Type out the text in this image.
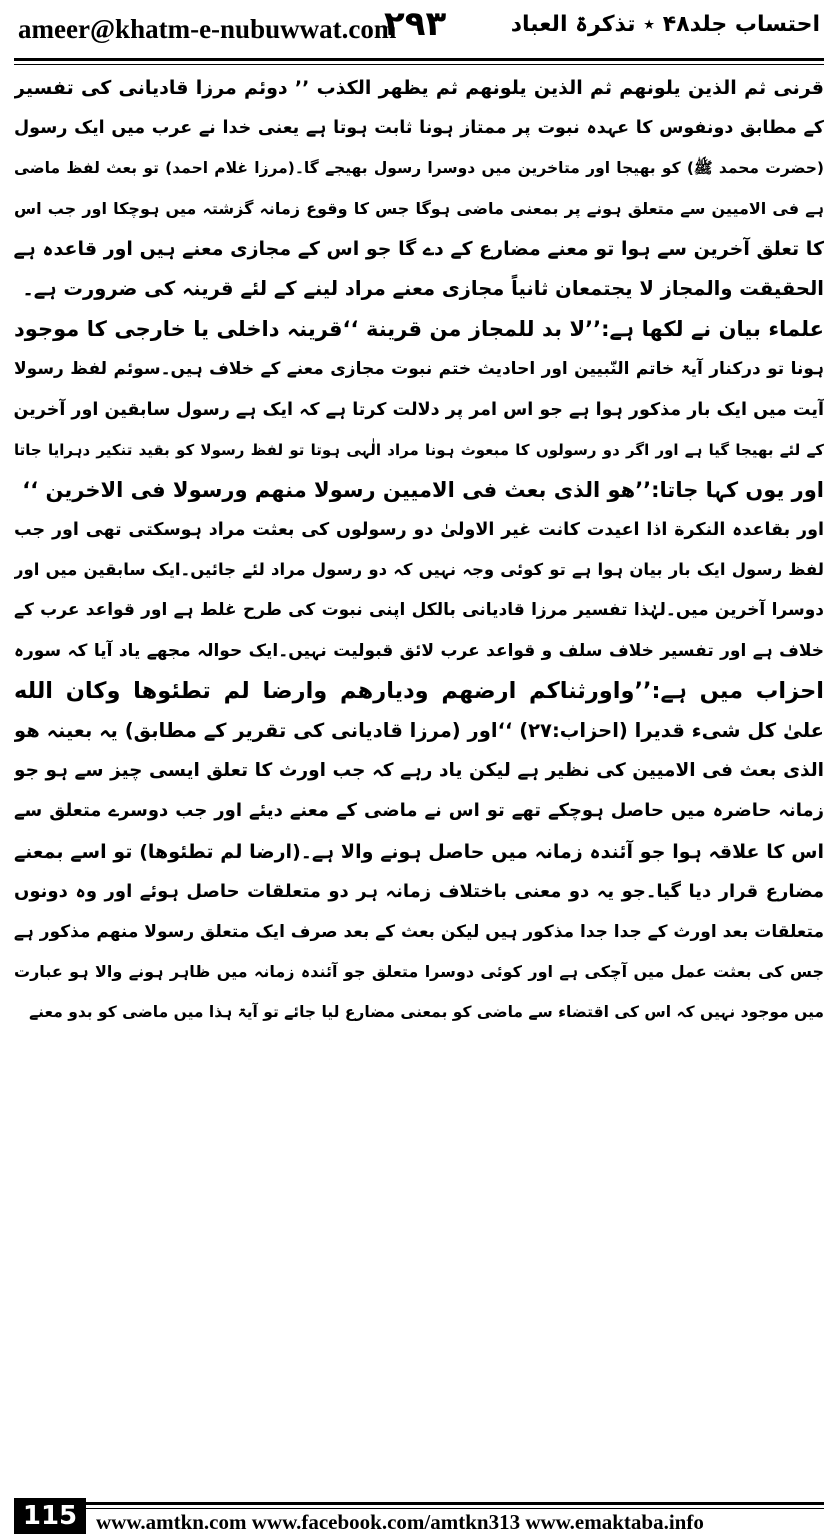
ameer@khatm-e-nubuwwat.com
۲۹۳	احتساب جلد۴۸ ٭ تذکرۃ العباد
قرنی ثم الذین یلونهم ثم الذین یلونهم ثم یظهر الکذب ’’ دوئم مرزا قادیانی کی تفسیر
کے مطابق دونفوس کا عہدہ نبوت پر ممتاز ہونا ثابت ہوتا ہے یعنی خدا نے عرب میں ایک رسول
(حضرت محمد ﷺ) کو بھیجا اور متاخرین میں دوسرا رسول بھیجے گا۔(مرزا غلام احمد) تو بعث لفظ ماضی
ہے فی الامیین سے متعلق ہونے پر بمعنی ماضی ہوگا جس کا وقوع زمانہ گزشتہ میں ہوچکا اور جب اس
کا تعلق آخرین سے ہوا تو معنے مضارع کے دے گا جو اس کے مجازی معنے ہیں اور قاعدہ ہے
الحقیقت والمجاز لا یجتمعان ثانیاً مجازی معنے مراد لینے کے لئے قرینہ کی ضرورت ہے۔
علماء بیان نے لکھا ہے:’’لا بد للمجاز من قرینة ‘‘قرینہ داخلی یا خارجی کا موجود
ہونا تو درکنار آیۃ خاتم النّبیین اور احادیث ختم نبوت مجازی معنے کے خلاف ہیں۔سوئم لفظ رسولا
آیت میں ایک بار مذکور ہوا ہے جو اس امر پر دلالت کرتا ہے کہ ایک ہے رسول سابقین اور آخرین
کے لئے بھیجا گیا ہے اور اگر دو رسولوں کا مبعوث ہونا مراد الٰہی ہوتا تو لفظ رسولا کو بقید تنکیر دہرایا جاتا
اور یوں کہا جاتا:’’ھو الذی بعث فی الامیین رسولا منھم ورسولا فی الاخرین ‘‘
اور بقاعدہ النکرة اذا اعیدت کانت غیر الاولیٰ دو رسولوں کی بعثت مراد ہوسکتی تھی اور جب
لفظ رسول ایک بار بیان ہوا ہے تو کوئی وجہ نہیں کہ دو رسول مراد لئے جائیں۔ایک سابقین میں اور
دوسرا آخرین میں۔لہٰذا تفسیر مرزا قادیانی بالکل اپنی نبوت کی طرح غلط ہے اور قواعد عرب کے
خلاف ہے اور تفسیر خلاف سلف و قواعد عرب لائق قبولیت نہیں۔ایک حوالہ مجھے یاد آیا کہ سورہ
احزاب میں ہے:’’واورثناکم ارضهم ودیارهم وارضا لم تطئوها وکان الله
علیٰ کل شیء قدیرا (احزاب:۲۷) ‘‘اور (مرزا قادیانی کی تقریر کے مطابق) یہ بعینہ ھو
الذی بعث فی الامیین کی نظیر ہے لیکن یاد رہے کہ جب اورث کا تعلق ایسی چیز سے ہو جو
زمانہ حاضرہ میں حاصل ہوچکے تھے تو اس نے ماضی کے معنے دیئے اور جب دوسرے متعلق سے
اس کا علاقہ ہوا جو آئندہ زمانہ میں حاصل ہونے والا ہے۔(ارضا لم تطئوها) تو اسے بمعنے
مضارع قرار دیا گیا۔جو یہ دو معنی باختلاف زمانہ ہر دو متعلقات حاصل ہوئے اور وہ دونوں
متعلقات بعد اورث کے جدا جدا مذکور ہیں لیکن بعث کے بعد صرف ایک متعلق رسولا منھم مذکور ہے
جس کی بعثت عمل میں آچکی ہے اور کوئی دوسرا متعلق جو آئندہ زمانہ میں ظاہر ہونے والا ہو عبارت
میں موجود نہیں کہ اس کی اقتضاء سے ماضی کو بمعنی مضارع لیا جائے تو آیۃ ہذا میں ماضی کو بدو معنے
115 www.amtkn.com www.facebook.com/amtkn313 www.emaktaba.info
